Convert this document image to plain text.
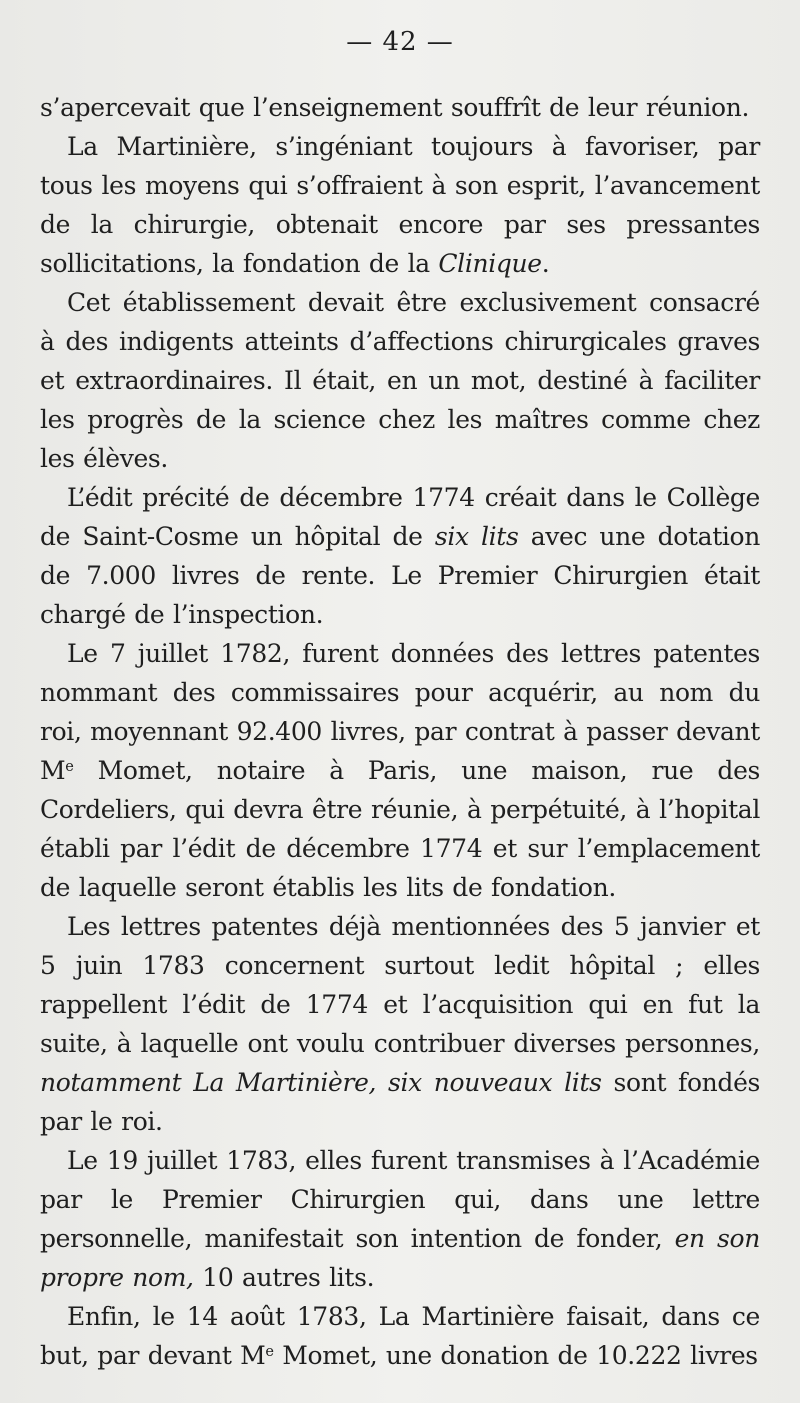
— 42 —

s’apercevait que l’enseignement souffrît de leur réunion.

La Martinière, s’ingéniant toujours à favoriser, par tous les moyens qui s’offraient à son esprit, l’avancement de la chirurgie, obtenait encore par ses pressantes sollicitations, la fondation de la Clinique.

Cet établissement devait être exclusivement consacré à des indigents atteints d’affections chirurgicales graves et extraordinaires. Il était, en un mot, destiné à faciliter les progrès de la science chez les maîtres comme chez les élèves.

L’édit précité de décembre 1774 créait dans le Collège de Saint-Cosme un hôpital de six lits avec une dotation de 7.000 livres de rente. Le Premier Chirurgien était chargé de l’inspection.

Le 7 juillet 1782, furent données des lettres patentes nommant des commissaires pour acquérir, au nom du roi, moyennant 92.400 livres, par contrat à passer devant Me Momet, notaire à Paris, une maison, rue des Cordeliers, qui devra être réunie, à perpétuité, à l’hopital établi par l’édit de décembre 1774 et sur l’emplacement de laquelle seront établis les lits de fondation.

Les lettres patentes déjà mentionnées des 5 janvier et 5 juin 1783 concernent surtout ledit hôpital ; elles rappellent l’édit de 1774 et l’acquisition qui en fut la suite, à laquelle ont voulu contribuer diverses personnes, notamment La Martinière, six nouveaux lits sont fondés par le roi.

Le 19 juillet 1783, elles furent transmises à l’Académie par le Premier Chirurgien qui, dans une lettre personnelle, manifestait son intention de fonder, en son propre nom, 10 autres lits.

Enfin, le 14 août 1783, La Martinière faisait, dans ce but, par devant Me Momet, une donation de 10.222 livres
